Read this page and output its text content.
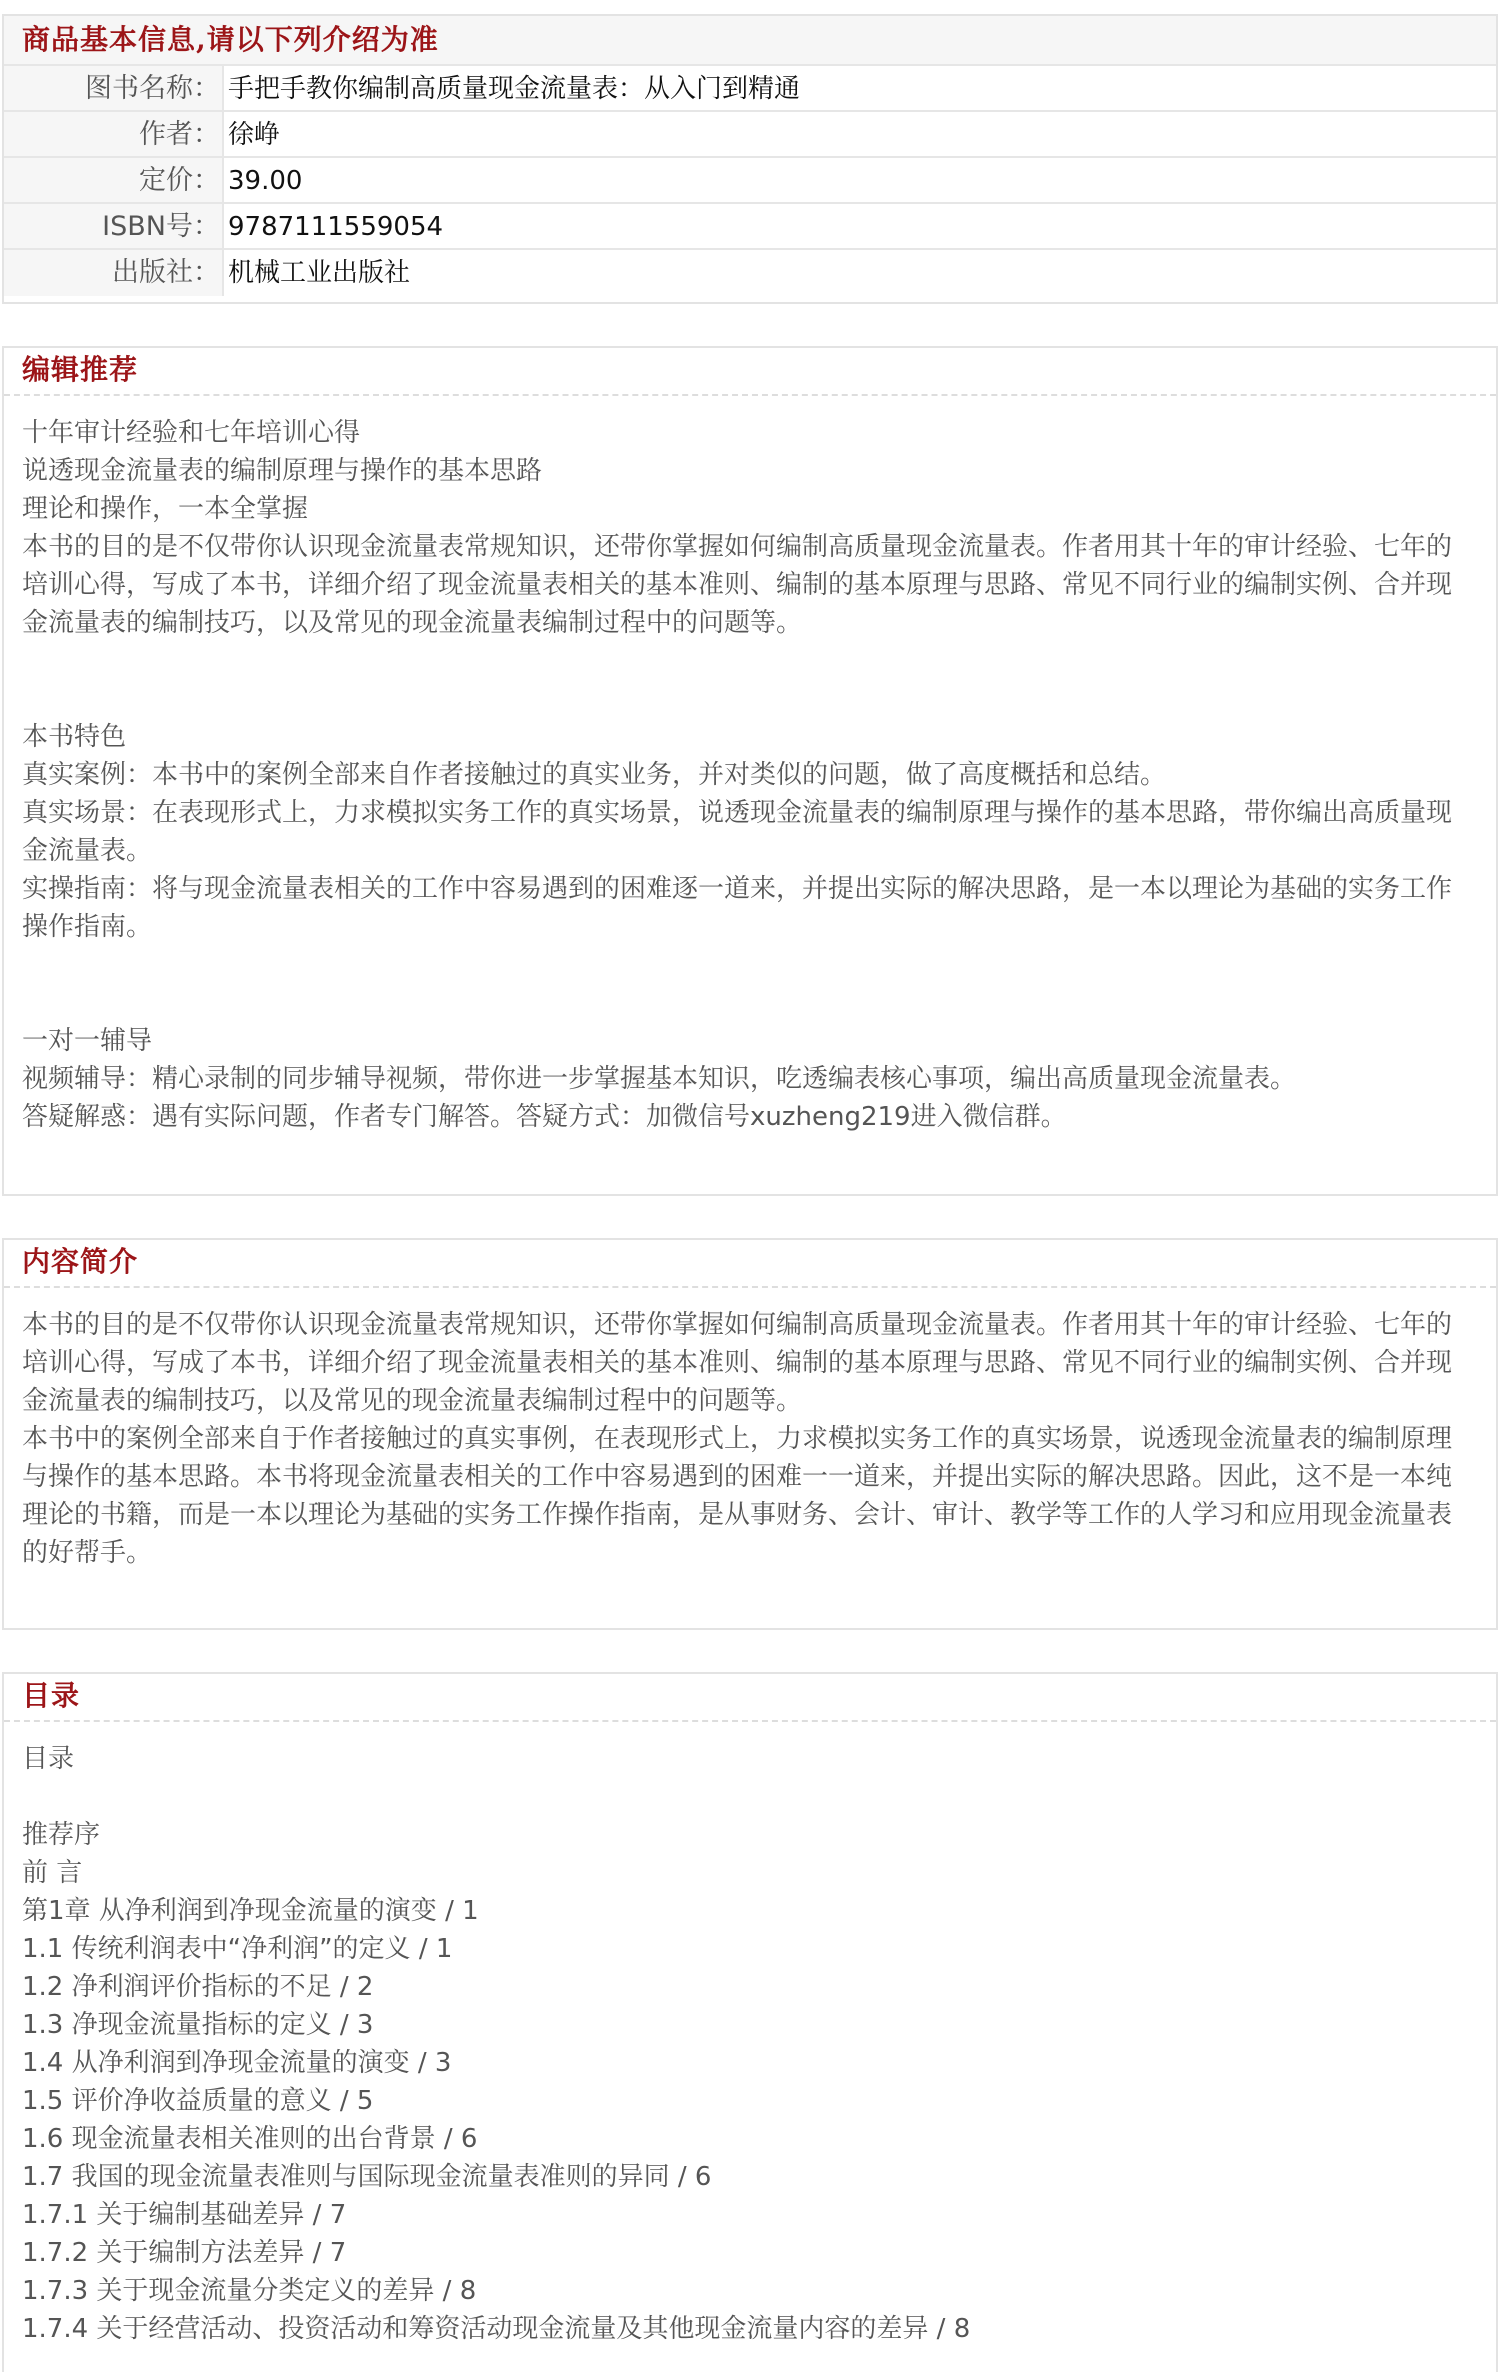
商品基本信息,请以下列介绍为准
图书名称： 手把手教你编制高质量现金流量表：从入门到精通
作者： 徐峥
定价： 39.00
ISBN号： 9787111559054
出版社： 机械工业出版社
编辑推荐

十年审计经验和七年培训心得

说透现金流量表的编制原理与操作的基本思路

理论和操作，一本全掌握

本书的目的是不仅带你认识现金流量表常规知识，还带你掌握如何编制高质量现金流量表。作者用其十年的审计经验、七年的培训心得，写成了本书，详细介绍了现金流量表相关的基本准则、编制的基本原理与思路、常见不同行业的编制实例、合并现金流量表的编制技巧，以及常见的现金流量表编制过程中的问题等。

本书特色

真实案例：本书中的案例全部来自作者接触过的真实业务，并对类似的问题，做了高度概括和总结。

真实场景：在表现形式上，力求模拟实务工作的真实场景，说透现金流量表的编制原理与操作的基本思路，带你编出高质量现金流量表。

实操指南：将与现金流量表相关的工作中容易遇到的困难逐一道来，并提出实际的解决思路，是一本以理论为基础的实务工作操作指南。

一对一辅导

视频辅导：精心录制的同步辅导视频，带你进一步掌握基本知识，吃透编表核心事项，编出高质量现金流量表。

答疑解惑：遇有实际问题，作者专门解答。答疑方式：加微信号xuzheng219进入微信群。

内容简介

本书的目的是不仅带你认识现金流量表常规知识，还带你掌握如何编制高质量现金流量表。作者用其十年的审计经验、七年的培训心得，写成了本书，详细介绍了现金流量表相关的基本准则、编制的基本原理与思路、常见不同行业的编制实例、合并现金流量表的编制技巧，以及常见的现金流量表编制过程中的问题等。

本书中的案例全部来自于作者接触过的真实事例，在表现形式上，力求模拟实务工作的真实场景，说透现金流量表的编制原理与操作的基本思路。本书将现金流量表相关的工作中容易遇到的困难一一道来，并提出实际的解决思路。因此，这不是一本纯理论的书籍，而是一本以理论为基础的实务工作操作指南，是从事财务、会计、审计、教学等工作的人学习和应用现金流量表的好帮手。

目录

目录

推荐序

前 言

第1章 从净利润到净现金流量的演变 / 1

1.1 传统利润表中“净利润”的定义 / 1

1.2 净利润评价指标的不足 / 2

1.3 净现金流量指标的定义 / 3

1.4 从净利润到净现金流量的演变 / 3

1.5 评价净收益质量的意义 / 5

1.6 现金流量表相关准则的出台背景 / 6

1.7 我国的现金流量表准则与国际现金流量表准则的异同 / 6

1.7.1 关于编制基础差异 / 7

1.7.2 关于编制方法差异 / 7

1.7.3 关于现金流量分类定义的差异 / 8

1.7.4 关于经营活动、投资活动和筹资活动现金流量及其他现金流量内容的差异 / 8
